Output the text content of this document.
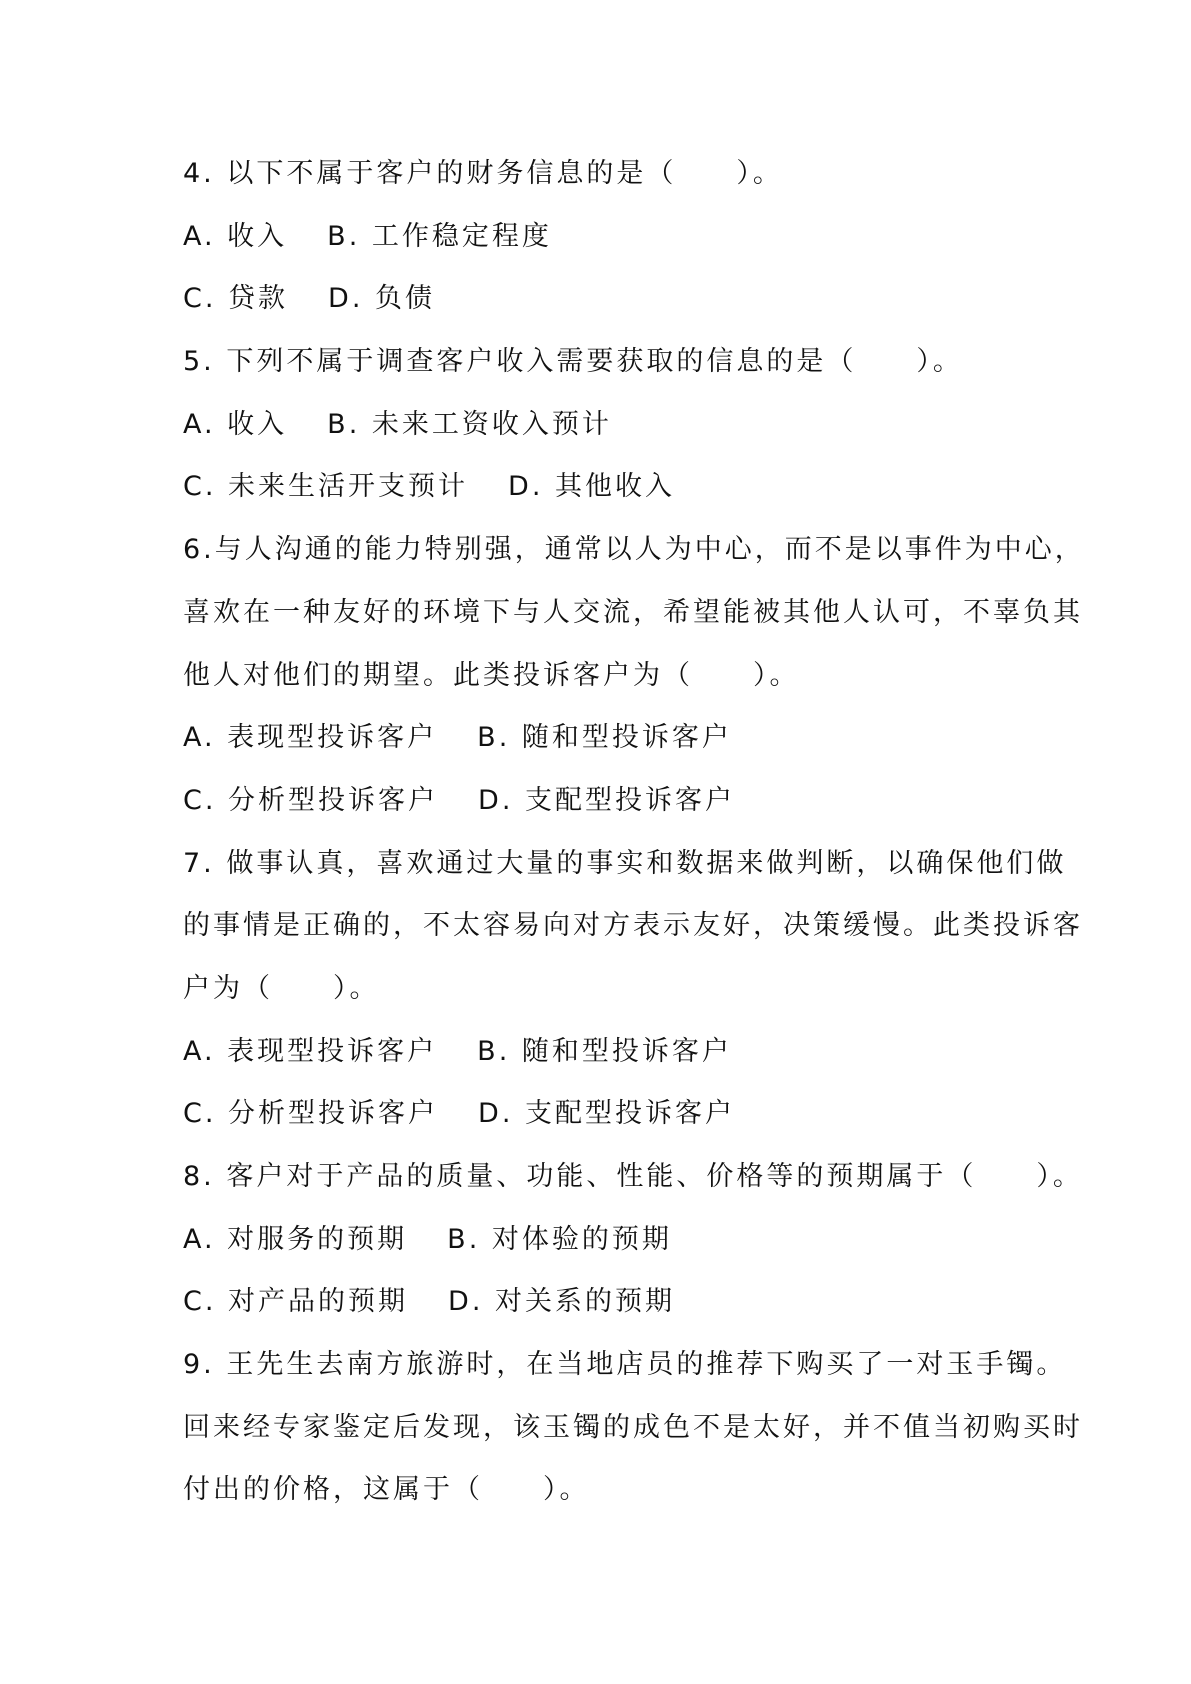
4. 以下不属于客户的财务信息的是（　　）。
A. 收入 B. 工作稳定程度
C. 贷款 D. 负债
5. 下列不属于调查客户收入需要获取的信息的是（　　）。
A. 收入 B. 未来工资收入预计
C. 未来生活开支预计 D. 其他收入
6.与人沟通的能力特别强，通常以人为中心，而不是以事件为中心，
喜欢在一种友好的环境下与人交流，希望能被其他人认可，不辜负其
他人对他们的期望。此类投诉客户为（　　）。
A. 表现型投诉客户 B. 随和型投诉客户
C. 分析型投诉客户 D. 支配型投诉客户
7. 做事认真，喜欢通过大量的事实和数据来做判断，以确保他们做
的事情是正确的，不太容易向对方表示友好，决策缓慢。此类投诉客
户为（　　）。
A. 表现型投诉客户 B. 随和型投诉客户
C. 分析型投诉客户 D. 支配型投诉客户
8. 客户对于产品的质量、功能、性能、价格等的预期属于（　　）。
A. 对服务的预期 B. 对体验的预期
C. 对产品的预期 D. 对关系的预期
9. 王先生去南方旅游时，在当地店员的推荐下购买了一对玉手镯。
回来经专家鉴定后发现，该玉镯的成色不是太好，并不值当初购买时
付出的价格，这属于（　　）。
